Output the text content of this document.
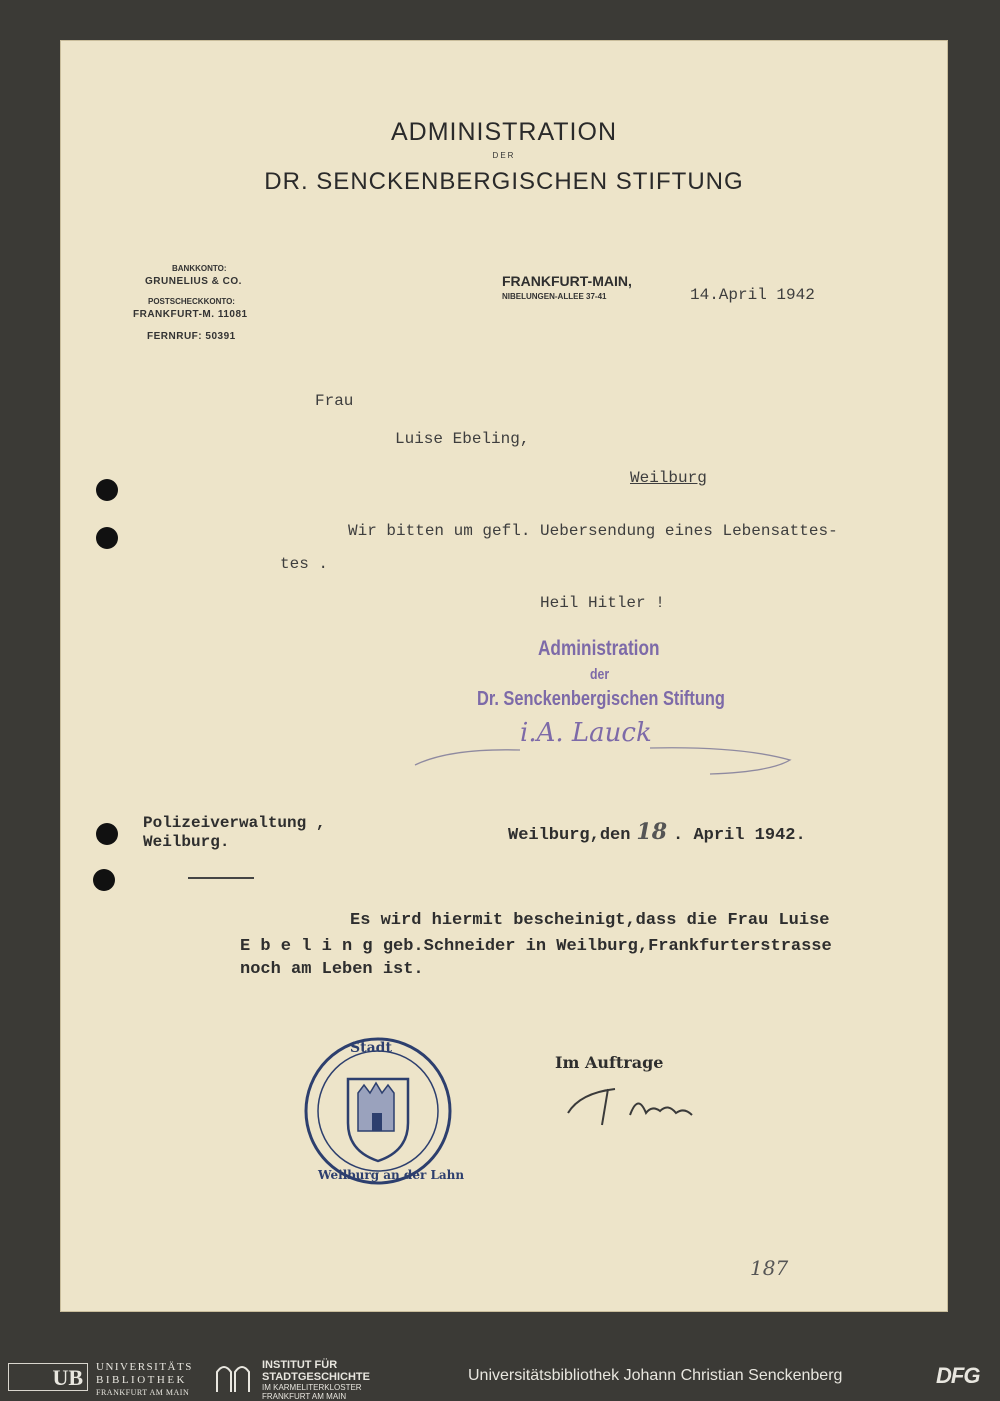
ADMINISTRATION
DER
DR. SENCKENBERGISCHEN STIFTUNG
BANKKONTO:
GRUNELIUS & CO.
POSTSCHECKKONTO:
FRANKFURT-M. 11081
FERNRUF: 50391
FRANKFURT-MAIN,
NIBELUNGEN-ALLEE 37-41	14.April 1942
Frau
Luise Ebeling,
Weilburg
Wir bitten um gefl. Uebersendung eines Lebensattes-
tes .
Heil Hitler !
Administration
der
Dr. Senckenbergischen Stiftung
i.A. Lauck
Polizeiverwaltung ,
Weilburg.	Weilburg,den 18 . April 1942.
Es wird hiermit bescheinigt,dass die Frau Luise
E b e l i n g geb.Schneider in Weilburg,Frankfurterstrasse
noch am Leben ist.
Im Auftrage
Stadt
Weilburg an der Lahn
187
UB	UNIVERSITÄTS
BIBLIOTHEK
FRANKFURT AM MAIN
INSTITUT FÜR
STADTGESCHICHTE
IM KARMELITERKLOSTER
FRANKFURT AM MAIN
Universitätsbibliothek Johann Christian Senckenberg	DFG
